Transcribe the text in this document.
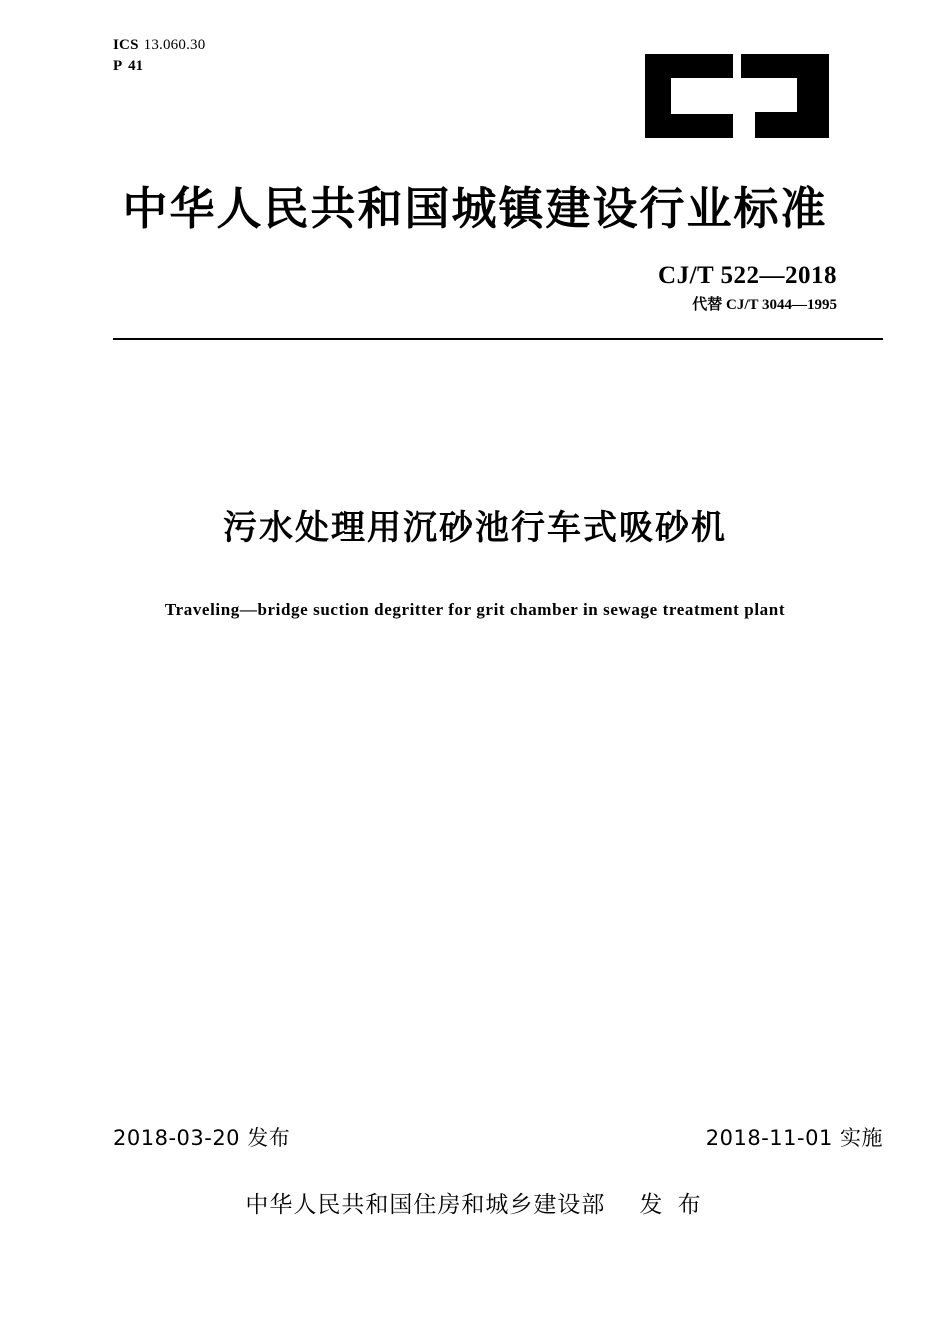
ICS 13.060.30
P 41
中华人民共和国城镇建设行业标准
CJ/T 522—2018
代替 CJ/T 3044—1995
污水处理用沉砂池行车式吸砂机
Traveling—bridge suction degritter for grit chamber in sewage treatment plant
2018-03-20 发布	2018-11-01 实施
中华人民共和国住房和城乡建设部 发 布
